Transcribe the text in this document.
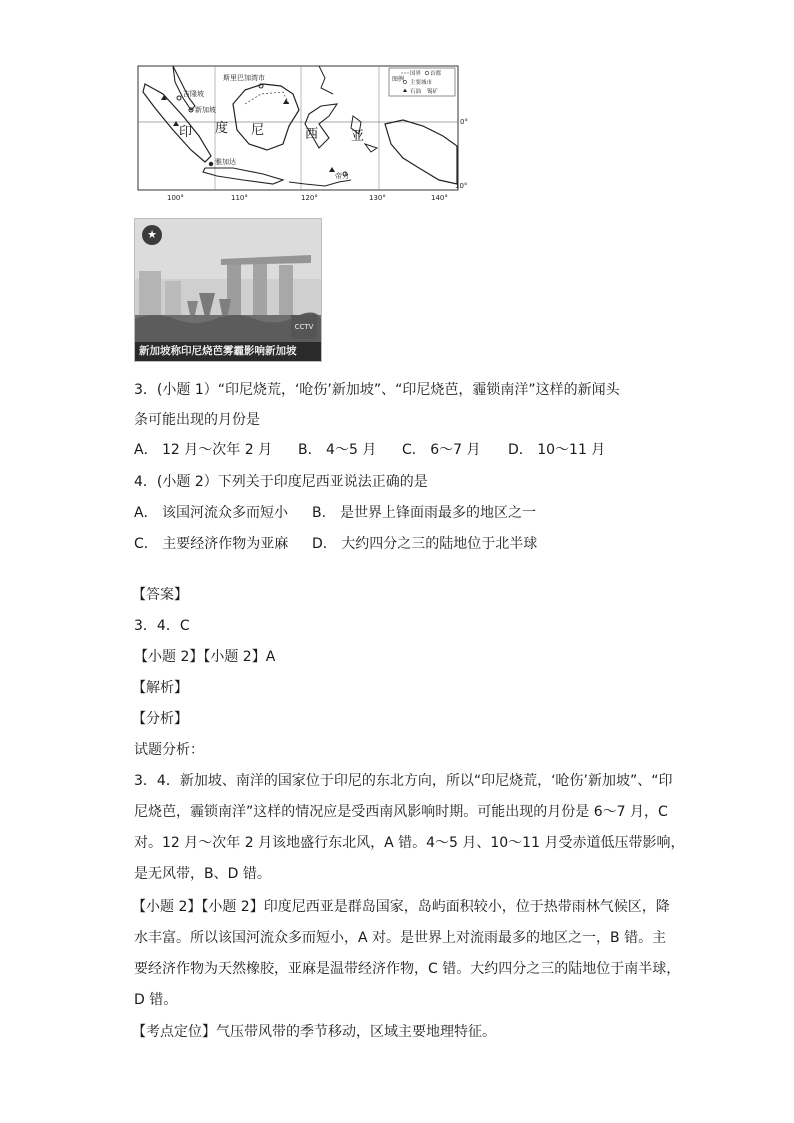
吉隆坡
新加坡
斯里巴加湾市
雅加达
帝力
印 度 尼	西	亚
图例
国界 首都
主要城市
石油 锡矿
0°
10°
100°	110°	120°	130°	140°
★
CCTV
新加坡称印尼烧芭雾霾影响新加坡
3．(小题 1）“印尼烧荒，‘呛伤’新加坡”、“印尼烧芭，霾锁南洋”这样的新闻头
条可能出现的月份是
A． 12 月～次年 2 月 B． 4～5 月 C． 6～7 月 D． 10～11 月
4．(小题 2）下列关于印度尼西亚说法正确的是
A． 该国河流众多而短小 B． 是世界上锋面雨最多的地区之一
C． 主要经济作物为亚麻 D． 大约四分之三的陆地位于北半球
【答案】
3．4．C
【小题 2】【小题 2】A
【解析】
【分析】
试题分析：
3．4．新加坡、南洋的国家位于印尼的东北方向，所以“印尼烧荒，‘呛伤’新加坡”、“印
尼烧芭，霾锁南洋”这样的情况应是受西南风影响时期。可能出现的月份是 6～7 月，C
对。12 月～次年 2 月该地盛行东北风，A 错。4～5 月、10～11 月受赤道低压带影响，
是无风带，B、D 错。
【小题 2】【小题 2】印度尼西亚是群岛国家，岛屿面积较小，位于热带雨林气候区，降
水丰富。所以该国河流众多而短小，A 对。是世界上对流雨最多的地区之一，B 错。主
要经济作物为天然橡胶，亚麻是温带经济作物，C 错。大约四分之三的陆地位于南半球，
D 错。
【考点定位】气压带风带的季节移动，区域主要地理特征。
